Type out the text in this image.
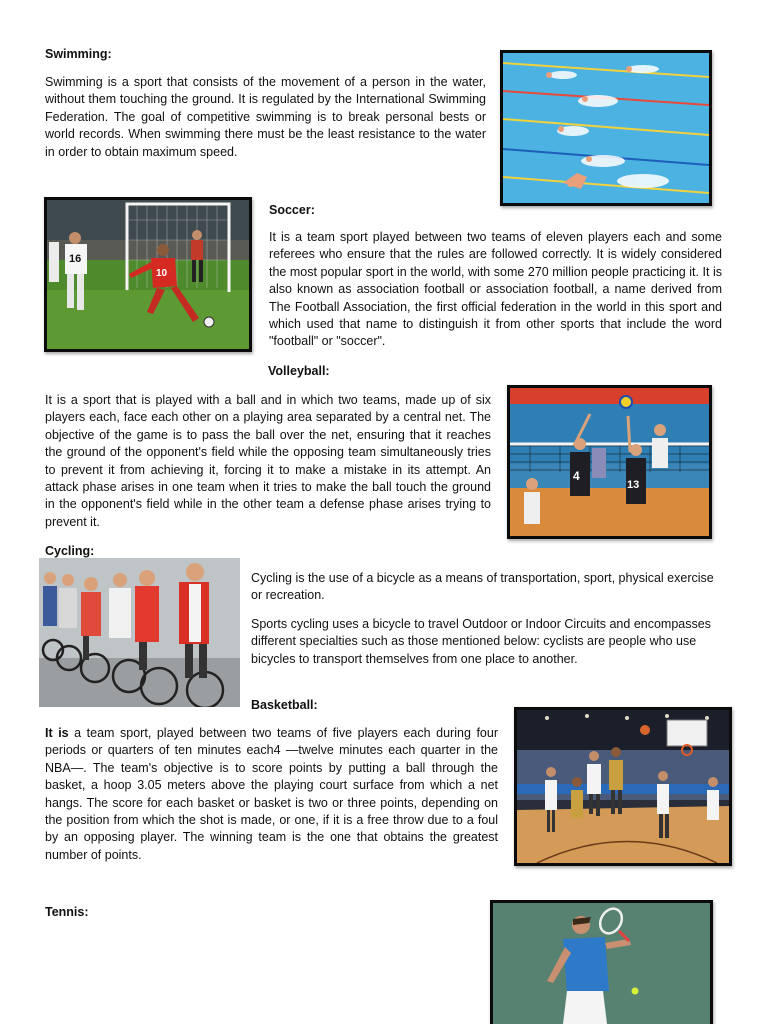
Swimming:

Swimming is a sport that consists of the movement of a person in the water, without them touching the ground. It is regulated by the International Swimming Federation. The goal of competitive swimming is to break personal bests or world records. When swimming there must be the least resistance to the water in order to obtain maximum speed.

16
10
Soccer:

It is a team sport played between two teams of eleven players each and some referees who ensure that the rules are followed correctly. It is widely considered the most popular sport in the world, with some 270 million people practicing it. It is also known as association football or association football, a name derived from The Football Association, the first official federation in the world in this sport and which used that name to distinguish it from other sports that include the word "football" or "soccer".

Volleyball:

It is a sport that is played with a ball and in which two teams, made up of six players each, face each other on a playing area separated by a central net. The objective of the game is to pass the ball over the net, ensuring that it reaches the ground of the opponent's field while the opposing team simultaneously tries to prevent it from achieving it, forcing it to make a mistake in its attempt. An attack phase arises in one team when it tries to make the ball touch the ground in the opponent's field while in the other team a defense phase arises trying to prevent it.

4
13
Cycling:

Cycling is the use of a bicycle as a means of transportation, sport, physical exercise or recreation.

Sports cycling uses a bicycle to travel Outdoor or Indoor Circuits and encompasses different specialties such as those mentioned below: cyclists are people who use bicycles to transport themselves from one place to another.

Basketball:

It is a team sport, played between two teams of five players each during four periods or quarters of ten minutes each4 —twelve minutes each quarter in the NBA—. The team's objective is to score points by putting a ball through the basket, a hoop 3.05 meters above the playing court surface from which a net hangs. The score for each basket or basket is two or three points, depending on the position from which the shot is made, or one, if it is a free throw due to a foul by an opposing player. The winning team is the one that obtains the greatest number of points.

Tennis:
